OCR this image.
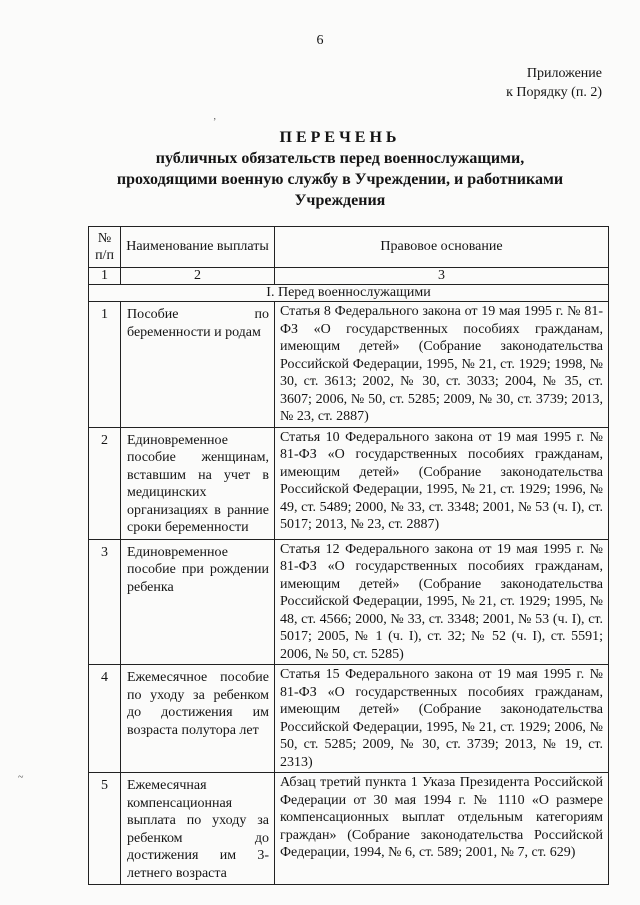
6
Приложение
к Порядку (п. 2)
ПЕРЕЧЕНЬ
публичных обязательств перед военнослужащими,
проходящими военную службу в Учреждении, и работниками
Учреждения
’
~
№ п/п	Наименование выплаты	Правовое основание
1	2	3
I. Перед военнослужащими		
1	Пособие по беременности и родам	Статья 8 Федерального закона от 19 мая 1995 г. № 81-ФЗ «О государственных пособиях гражданам, имеющим детей» (Собрание законодательства Российской Федерации, 1995, № 21, ст. 1929; 1998, № 30, ст. 3613; 2002, № 30, ст. 3033; 2004, № 35, ст. 3607; 2006, № 50, ст. 5285; 2009, № 30, ст. 3739; 2013, № 23, ст. 2887)
2	Единовременное пособие женщинам, вставшим на учет в медицинских организациях в ранние сроки беременности	Статья 10 Федерального закона от 19 мая 1995 г. № 81-ФЗ «О государственных пособиях гражданам, имеющим детей» (Собрание законодательства Российской Федерации, 1995, № 21, ст. 1929; 1996, № 49, ст. 5489; 2000, № 33, ст. 3348; 2001, № 53 (ч. I), ст. 5017; 2013, № 23, ст. 2887)
3	Единовременное пособие при рождении ребенка	Статья 12 Федерального закона от 19 мая 1995 г. № 81-ФЗ «О государственных пособиях гражданам, имеющим детей» (Собрание законодательства Российской Федерации, 1995, № 21, ст. 1929; 1995, № 48, ст. 4566; 2000, № 33, ст. 3348; 2001, № 53 (ч. I), ст. 5017; 2005, № 1 (ч. I), ст. 32; № 52 (ч. I), ст. 5591; 2006, № 50, ст. 5285)
4	Ежемесячное пособие по уходу за ребенком до достижения им возраста полутора лет	Статья 15 Федерального закона от 19 мая 1995 г. № 81-ФЗ «О государственных пособиях гражданам, имеющим детей» (Собрание законодательства Российской Федерации, 1995, № 21, ст. 1929; 2006, № 50, ст. 5285; 2009, № 30, ст. 3739; 2013, № 19, ст. 2313)
5	Ежемесячная компенсационная выплата по уходу за ребенком до достижения им 3-летнего возраста	Абзац третий пункта 1 Указа Президента Российской Федерации от 30 мая 1994 г. № 1110 «О размере компенсационных выплат отдельным категориям граждан» (Собрание законодательства Российской Федерации, 1994, № 6, ст. 589; 2001, № 7, ст. 629)
